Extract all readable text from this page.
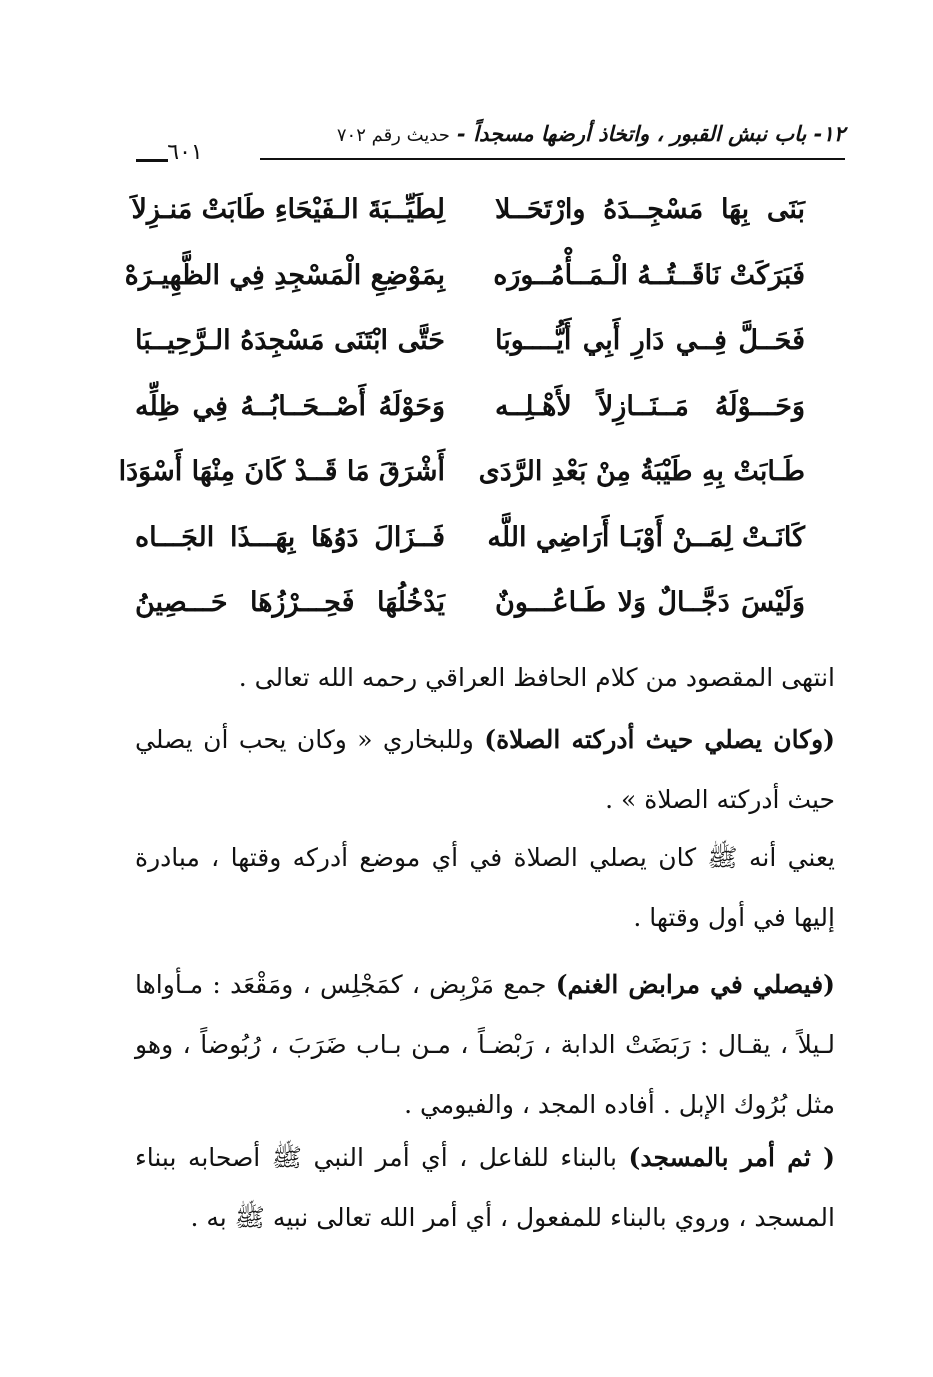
١٢- باب نبش القبور ، واتخاذ أرضها مسجداً - حديث رقم ٧٠٢
٦٠١
بَنَى بِهَا مَسْجِــدَهُ وارْتَحَــلا
لِطَيِّــبَةَ الـفَيْحَاءِ طَابَتْ مَنـزِلاَ
فَبَرَكَتْ نَاقَــتُــهُ الْـمَــأْمُــورَه
بِمَوْضِعِ الْمَسْجِدِ فِي الظَّهِيـرَهْ
فَحَــلَّ فِــي دَارِ أَبِي أَيُّــــوبَا
حَتَّى ابْتَنَى مَسْجِدَهُ الـرَّحِيــبَا
وَحَـــوْلَهُ مَــنَــازِلاً لأَهْـلِــه
وَحَوْلَهُ أَصْــحَــابُــهُ فِي ظِلِّه
طَـابَتْ بِهِ طَيْبَةُ مِنْ بَعْدِ الرَّدَى
أَشْرَقَ مَا قَــدْ كَانَ مِنْهَا أَسْوَدَا
كَانَـتْ لِمَــنْ أَوْبَـا أَرَاضِي اللَّه
فَــزَالَ دَوُهَا بِهَـــذَا الجَـــاه
وَلَيْسَ دَجَّــالٌ وَلا طَـاعُـــونٌ
يَدْخُلُهَا فَحِـــرْزُهَا حَـــصِينُ
انتهى المقصود من كلام الحافظ العراقي رحمه الله تعالى .
(وكان يصلي حيث أدركته الصلاة) وللبخاري « وكان يحب أن يصلي حيث أدركته الصلاة » .
يعني أنه ﷺ كان يصلي الصلاة في أي موضع أدركه وقتها ، مبادرة إليها في أول وقتها .
(فيصلي في مرابض الغنم) جمع مَرْبِض ، كمَجْلِس ، ومَقْعَد : مـأواها لـيلاً ، يقـال : رَبَضَتْ الدابة ، رَبْضـاً ، مـن بـاب ضَرَبَ ، رُبُوضاً ، وهو مثل بُرُوك الإبل . أفاده المجد ، والفيومي .
( ثم أمر بالمسجد) بالبناء للفاعل ، أي أمر النبي ﷺ أصحابه ببناء المسجد ، وروي بالبناء للمفعول ، أي أمر الله تعالى نبيه ﷺ به .
